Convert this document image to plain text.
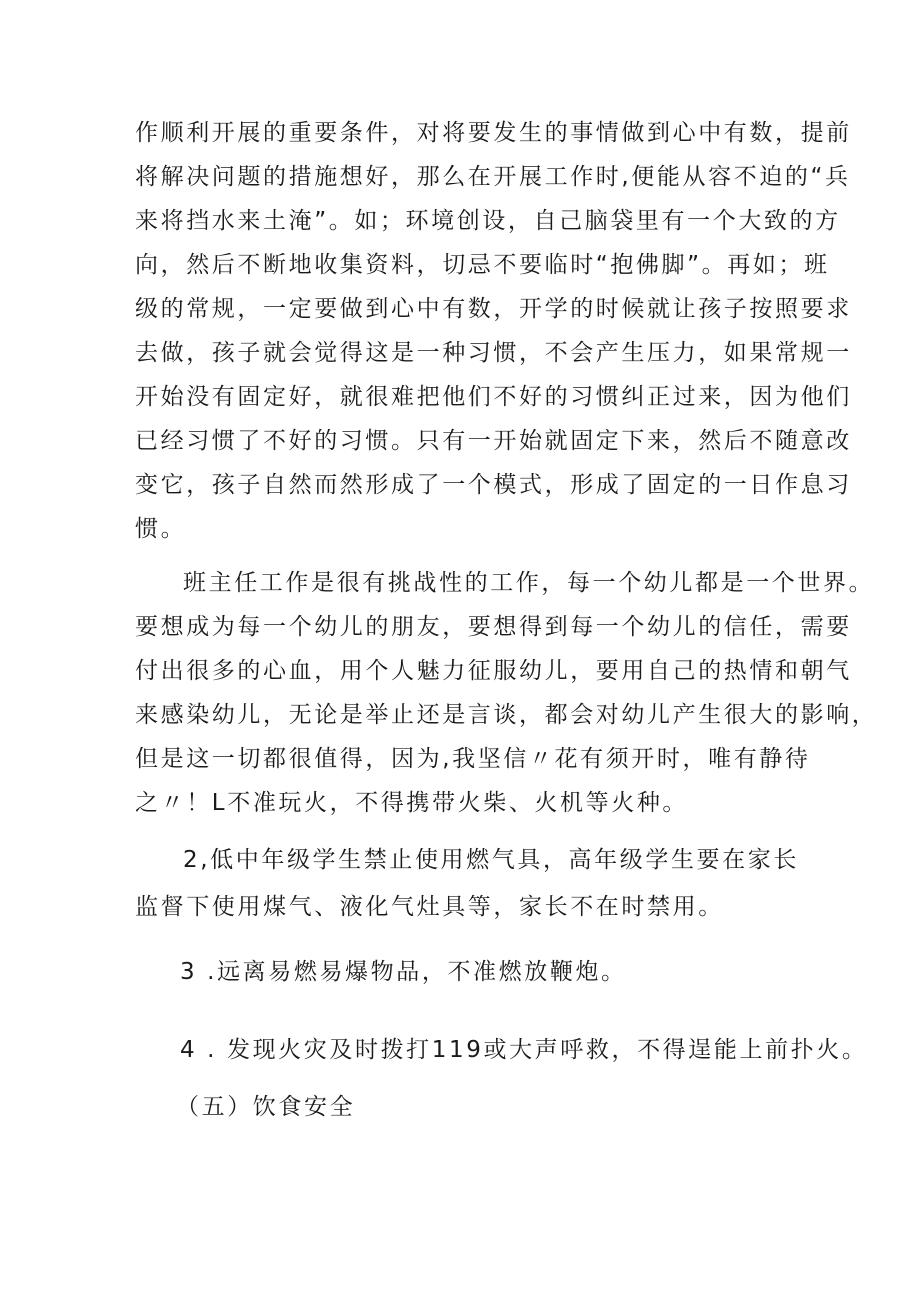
作顺利开展的重要条件，对将要发生的事情做到心中有数，提前
将解决问题的措施想好，那么在开展工作时,便能从容不迫的“兵
来将挡水来土淹”。如；环境创设，自己脑袋里有一个大致的方
向，然后不断地收集资料，切忌不要临时“抱佛脚”。再如；班
级的常规，一定要做到心中有数，开学的时候就让孩子按照要求
去做，孩子就会觉得这是一种习惯，不会产生压力，如果常规一
开始没有固定好，就很难把他们不好的习惯纠正过来，因为他们
已经习惯了不好的习惯。只有一开始就固定下来，然后不随意改
变它，孩子自然而然形成了一个模式，形成了固定的一日作息习
惯。
班主任工作是很有挑战性的工作，每一个幼儿都是一个世界。
要想成为每一个幼儿的朋友，要想得到每一个幼儿的信任，需要
付出很多的心血，用个人魅力征服幼儿，要用自己的热情和朝气
来感染幼儿，无论是举止还是言谈，都会对幼儿产生很大的影响，
但是这一切都很值得，因为,我坚信〃花有须开时，唯有静待
之〃！L不准玩火，不得携带火柴、火机等火种。
2,低中年级学生禁止使用燃气具，高年级学生要在家长
监督下使用煤气、液化气灶具等，家长不在时禁用。
3 .远离易燃易爆物品，不准燃放鞭炮。
4 . 发现火灾及时拨打119或大声呼救，不得逞能上前扑火。
（五）饮食安全
